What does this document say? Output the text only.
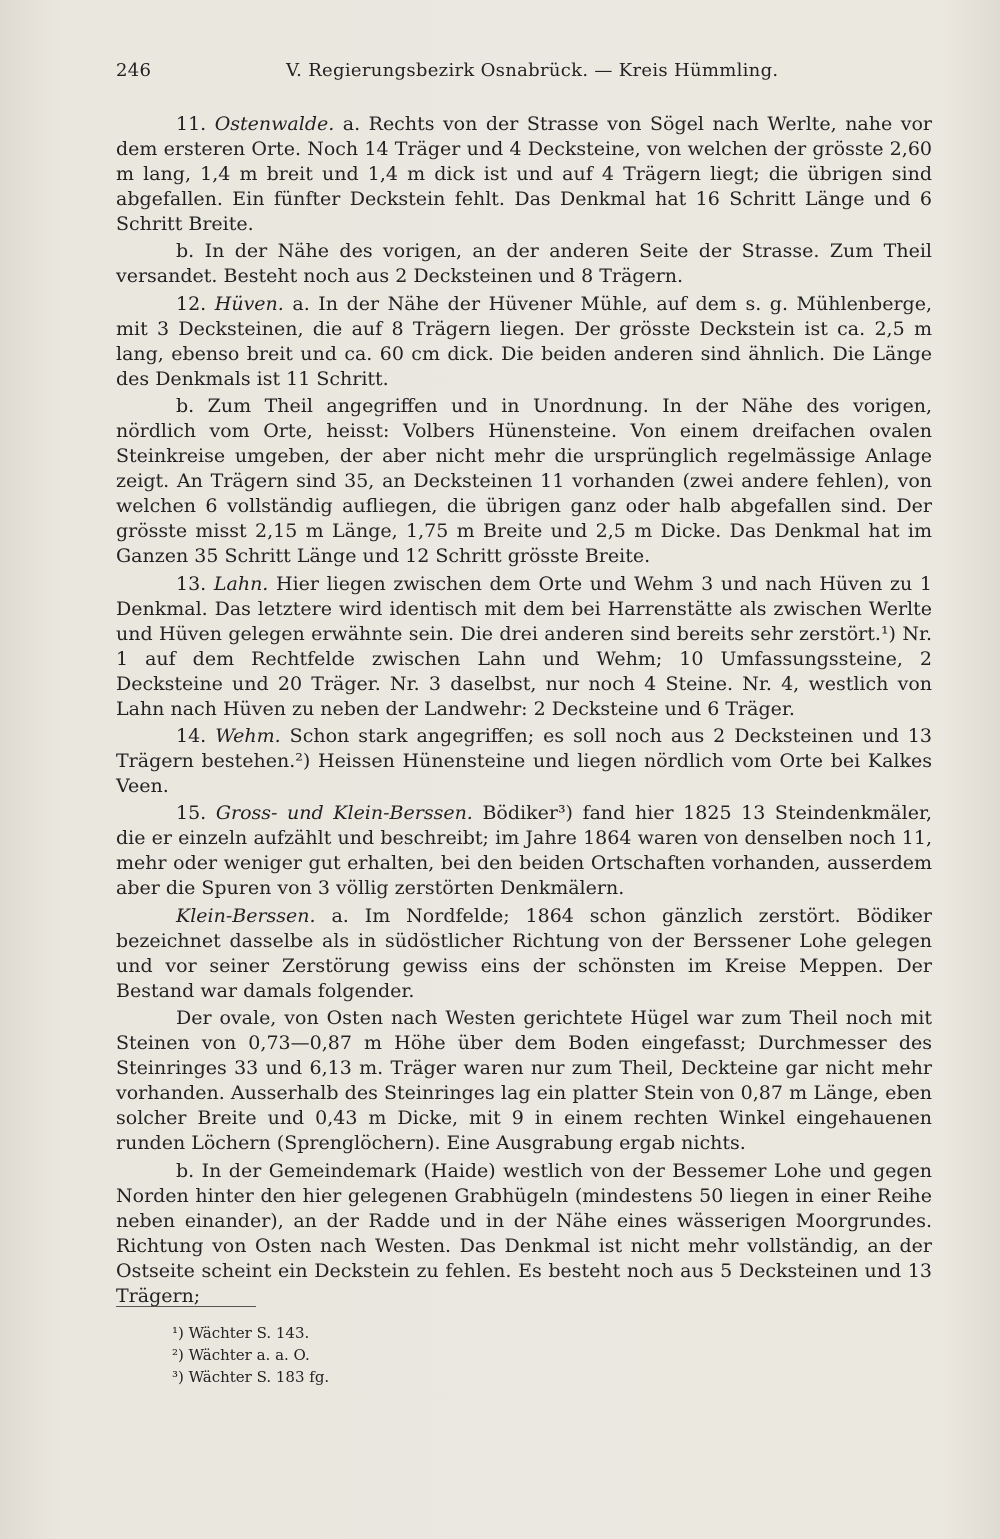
246	V. Regierungsbezirk Osnabrück. — Kreis Hümmling.

11. Ostenwalde. a. Rechts von der Strasse von Sögel nach Werlte, nahe vor dem ersteren Orte. Noch 14 Träger und 4 Decksteine, von welchen der grösste 2,60 m lang, 1,4 m breit und 1,4 m dick ist und auf 4 Trägern liegt; die übrigen sind abgefallen. Ein fünfter Deckstein fehlt. Das Denkmal hat 16 Schritt Länge und 6 Schritt Breite.

b. In der Nähe des vorigen, an der anderen Seite der Strasse. Zum Theil versandet. Besteht noch aus 2 Decksteinen und 8 Trägern.

12. Hüven. a. In der Nähe der Hüvener Mühle, auf dem s. g. Mühlenberge, mit 3 Decksteinen, die auf 8 Trägern liegen. Der grösste Deckstein ist ca. 2,5 m lang, ebenso breit und ca. 60 cm dick. Die beiden anderen sind ähnlich. Die Länge des Denkmals ist 11 Schritt.

b. Zum Theil angegriffen und in Unordnung. In der Nähe des vorigen, nördlich vom Orte, heisst: Volbers Hünensteine. Von einem dreifachen ovalen Steinkreise umgeben, der aber nicht mehr die ursprünglich regelmässige Anlage zeigt. An Trägern sind 35, an Decksteinen 11 vorhanden (zwei andere fehlen), von welchen 6 vollständig aufliegen, die übrigen ganz oder halb abgefallen sind. Der grösste misst 2,15 m Länge, 1,75 m Breite und 2,5 m Dicke. Das Denkmal hat im Ganzen 35 Schritt Länge und 12 Schritt grösste Breite.

13. Lahn. Hier liegen zwischen dem Orte und Wehm 3 und nach Hüven zu 1 Denkmal. Das letztere wird identisch mit dem bei Harrenstätte als zwischen Werlte und Hüven gelegen erwähnte sein. Die drei anderen sind bereits sehr zerstört.¹) Nr. 1 auf dem Rechtfelde zwischen Lahn und Wehm; 10 Umfassungssteine, 2 Decksteine und 20 Träger. Nr. 3 daselbst, nur noch 4 Steine. Nr. 4, westlich von Lahn nach Hüven zu neben der Landwehr: 2 Decksteine und 6 Träger.

14. Wehm. Schon stark angegriffen; es soll noch aus 2 Decksteinen und 13 Trägern bestehen.²) Heissen Hünensteine und liegen nördlich vom Orte bei Kalkes Veen.

15. Gross- und Klein-Berssen. Bödiker³) fand hier 1825 13 Steindenkmäler, die er einzeln aufzählt und beschreibt; im Jahre 1864 waren von denselben noch 11, mehr oder weniger gut erhalten, bei den beiden Ortschaften vorhanden, ausserdem aber die Spuren von 3 völlig zerstörten Denkmälern.

Klein-Berssen. a. Im Nordfelde; 1864 schon gänzlich zerstört. Bödiker bezeichnet dasselbe als in südöstlicher Richtung von der Berssener Lohe gelegen und vor seiner Zerstörung gewiss eins der schönsten im Kreise Meppen. Der Bestand war damals folgender.

Der ovale, von Osten nach Westen gerichtete Hügel war zum Theil noch mit Steinen von 0,73—0,87 m Höhe über dem Boden eingefasst; Durchmesser des Steinringes 33 und 6,13 m. Träger waren nur zum Theil, Deckteine gar nicht mehr vorhanden. Ausserhalb des Steinringes lag ein platter Stein von 0,87 m Länge, eben solcher Breite und 0,43 m Dicke, mit 9 in einem rechten Winkel eingehauenen runden Löchern (Sprenglöchern). Eine Ausgrabung ergab nichts.

b. In der Gemeindemark (Haide) westlich von der Bessemer Lohe und gegen Norden hinter den hier gelegenen Grabhügeln (mindestens 50 liegen in einer Reihe neben einander), an der Radde und in der Nähe eines wässerigen Moorgrundes. Richtung von Osten nach Westen. Das Denkmal ist nicht mehr vollständig, an der Ostseite scheint ein Deckstein zu fehlen. Es besteht noch aus 5 Decksteinen und 13 Trägern;

¹) Wächter S. 143.
²) Wächter a. a. O.
³) Wächter S. 183 fg.
